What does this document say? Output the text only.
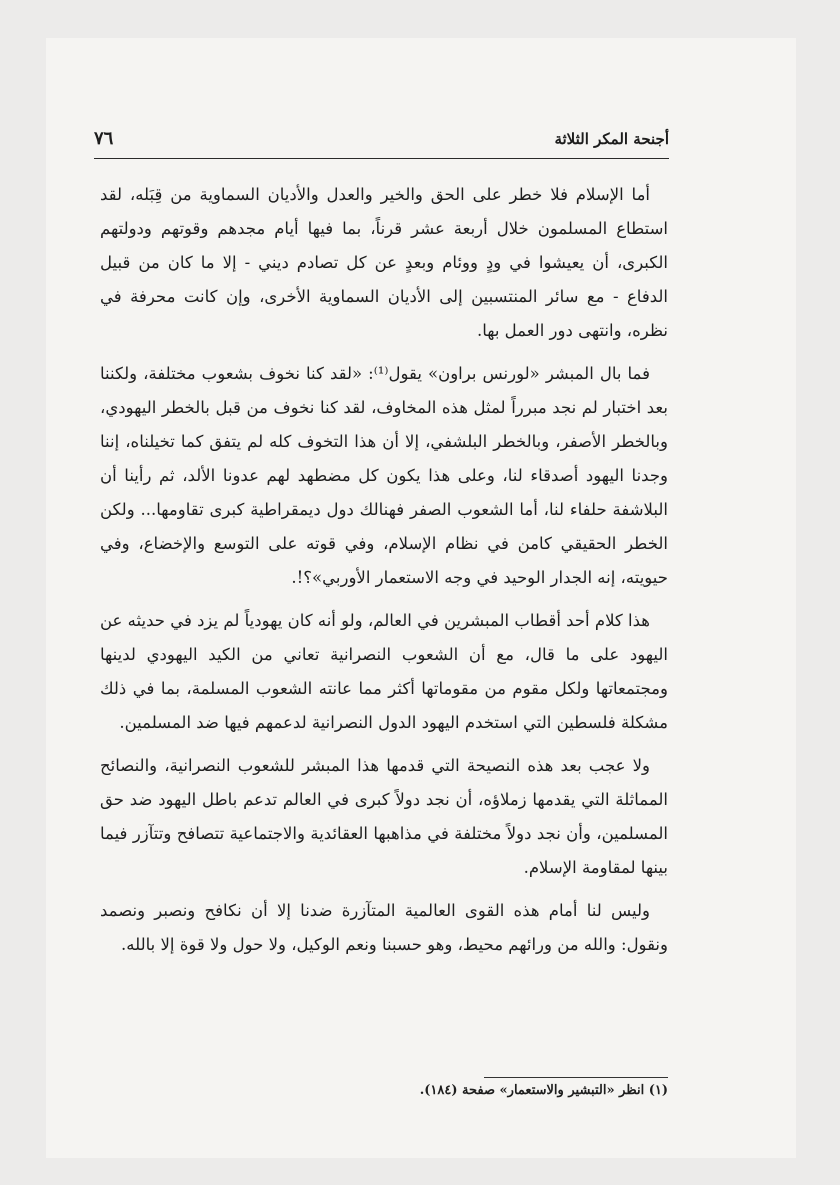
أجنحة المكر الثلاثة
٧٦

أما الإسلام فلا خطر على الحق والخير والعدل والأديان السماوية من قِبَله، لقد استطاع المسلمون خلال أربعة عشر قرناً، بما فيها أيام مجدهم وقوتهم ودولتهم الكبرى، أن يعيشوا في ودٍ ووئام وبعدٍ عن كل تصادم ديني - إلا ما كان من قبيل الدفاع - مع سائر المنتسبين إلى الأديان السماوية الأخرى، وإن كانت محرفة في نظره، وانتهى دور العمل بها.

فما بال المبشر «لورنس براون» يقول⁽¹⁾: «لقد كنا نخوف بشعوب مختلفة، ولكننا بعد اختبار لم نجد مبرراً لمثل هذه المخاوف، لقد كنا نخوف من قبل بالخطر اليهودي، وبالخطر الأصفر، وبالخطر البلشفي، إلا أن هذا التخوف كله لم يتفق كما تخيلناه، إننا وجدنا اليهود أصدقاء لنا، وعلى هذا يكون كل مضطهد لهم عدونا الألد، ثم رأينا أن البلاشفة حلفاء لنا، أما الشعوب الصفر فهنالك دول ديمقراطية كبرى تقاومها... ولكن الخطر الحقيقي كامن في نظام الإسلام، وفي قوته على التوسع والإخضاع، وفي حيويته، إنه الجدار الوحيد في وجه الاستعمار الأوربي»؟!.

هذا كلام أحد أقطاب المبشرين في العالم، ولو أنه كان يهودياً لم يزد في حديثه عن اليهود على ما قال، مع أن الشعوب النصرانية تعاني من الكيد اليهودي لدينها ومجتمعاتها ولكل مقوم من مقوماتها أكثر مما عانته الشعوب المسلمة، بما في ذلك مشكلة فلسطين التي استخدم اليهود الدول النصرانية لدعمهم فيها ضد المسلمين.

ولا عجب بعد هذه النصيحة التي قدمها هذا المبشر للشعوب النصرانية، والنصائح المماثلة التي يقدمها زملاؤه، أن نجد دولاً كبرى في العالم تدعم باطل اليهود ضد حق المسلمين، وأن نجد دولاً مختلفة في مذاهبها العقائدية والاجتماعية تتصافح وتتآزر فيما بينها لمقاومة الإسلام.

وليس لنا أمام هذه القوى العالمية المتآزرة ضدنا إلا أن نكافح ونصبر ونصمد ونقول: والله من ورائهم محيط، وهو حسبنا ونعم الوكيل، ولا حول ولا قوة إلا بالله.

(١) انظر «التبشير والاستعمار» صفحة (١٨٤).
